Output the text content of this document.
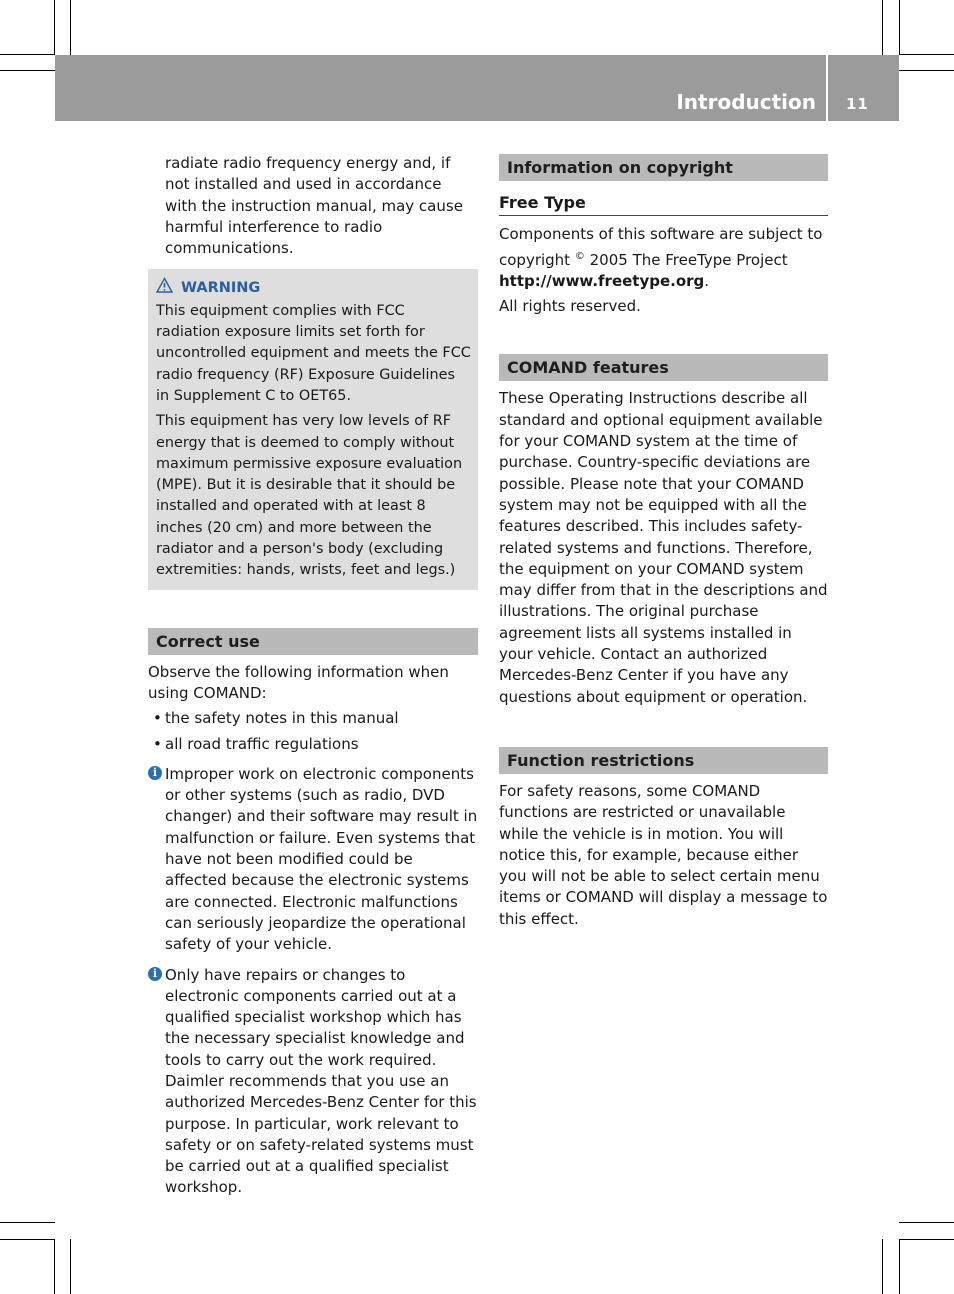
Introduction 11

radiate radio frequency energy and, if not installed and used in accordance with the instruction manual, may cause harmful interference to radio communications.

WARNING

This equipment complies with FCC radiation exposure limits set forth for uncontrolled equipment and meets the FCC radio frequency (RF) Exposure Guidelines in Supplement C to OET65.

This equipment has very low levels of RF energy that is deemed to comply without maximum permissive exposure evaluation (MPE). But it is desirable that it should be installed and operated with at least 8 inches (20 cm) and more between the radiator and a person's body (excluding extremities: hands, wrists, feet and legs.)

Correct use

Observe the following information when using COMAND:

• the safety notes in this manual
• all road traffic regulations
i Improper work on electronic components or other systems (such as radio, DVD changer) and their software may result in malfunction or failure. Even systems that have not been modified could be affected because the electronic systems are connected. Electronic malfunctions can seriously jeopardize the operational safety of your vehicle.
i Only have repairs or changes to electronic components carried out at a qualified specialist workshop which has the necessary specialist knowledge and tools to carry out the work required. Daimler recommends that you use an authorized Mercedes-Benz Center for this purpose. In particular, work relevant to safety or on safety-related systems must be carried out at a qualified specialist workshop.
Information on copyright
Free Type

Components of this software are subject to copyright © 2005 The FreeType Project
http://www.freetype.org.

All rights reserved.

COMAND features

These Operating Instructions describe all standard and optional equipment available for your COMAND system at the time of purchase. Country-specific deviations are possible. Please note that your COMAND system may not be equipped with all the features described. This includes safety-related systems and functions. Therefore, the equipment on your COMAND system may differ from that in the descriptions and illustrations. The original purchase agreement lists all systems installed in your vehicle. Contact an authorized Mercedes-Benz Center if you have any questions about equipment or operation.

Function restrictions

For safety reasons, some COMAND functions are restricted or unavailable while the vehicle is in motion. You will notice this, for example, because either you will not be able to select certain menu items or COMAND will display a message to this effect.
